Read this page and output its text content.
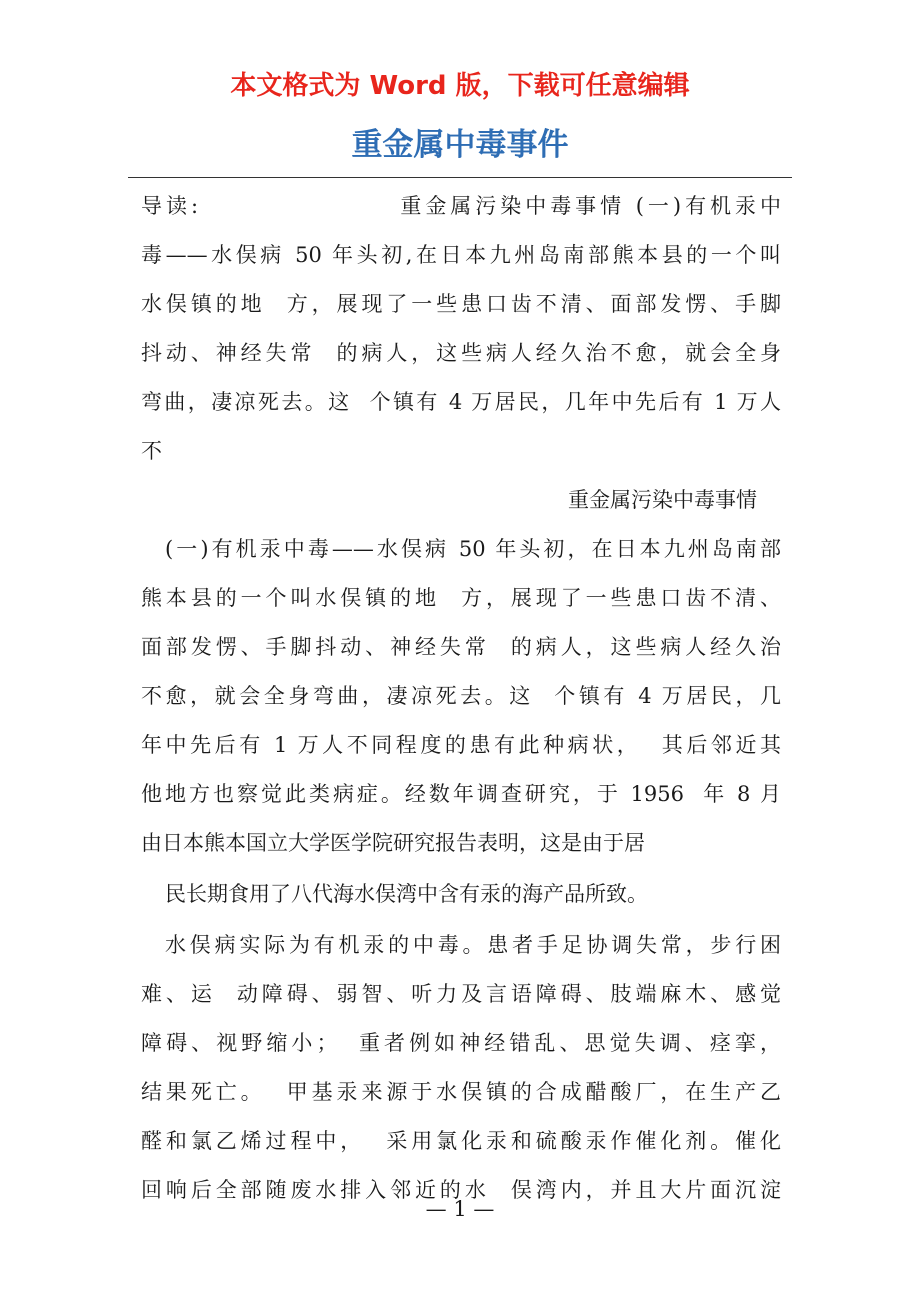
本文格式为 Word 版，下载可任意编辑
重金属中毒事件
导读:                   重金属污染中毒事情 (一)有机汞中
毒——水俣病 50 年头初,在日本九州岛南部熊本县的一个叫
水俣镇的地  方，展现了一些患口齿不清、面部发愣、手脚
抖动、神经失常  的病人，这些病人经久治不愈，就会全身
弯曲，凄凉死去。这  个镇有 4 万居民，几年中先后有 1 万人
不
重金属污染中毒事情
(一)有机汞中毒——水俣病 50 年头初，在日本九州岛南部
熊本县的一个叫水俣镇的地  方，展现了一些患口齿不清、
面部发愣、手脚抖动、神经失常  的病人，这些病人经久治
不愈，就会全身弯曲，凄凉死去。这  个镇有 4 万居民，几
年中先后有 1 万人不同程度的患有此种病状，  其后邻近其
他地方也察觉此类病症。经数年调查研究，于 1956  年 8 月
由日本熊本国立大学医学院研究报告表明，这是由于居
民长期食用了八代海水俣湾中含有汞的海产品所致。
水俣病实际为有机汞的中毒。患者手足协调失常，步行困
难、运  动障碍、弱智、听力及言语障碍、肢端麻木、感觉
障碍、视野缩小；  重者例如神经错乱、思觉失调、痉挛，
结果死亡。  甲基汞来源于水俣镇的合成醋酸厂，在生产乙
醛和氯乙烯过程中，  采用氯化汞和硫酸汞作催化剂。催化
回响后全部随废水排入邻近的水  俣湾内，并且大片面沉淀
— 1 —
